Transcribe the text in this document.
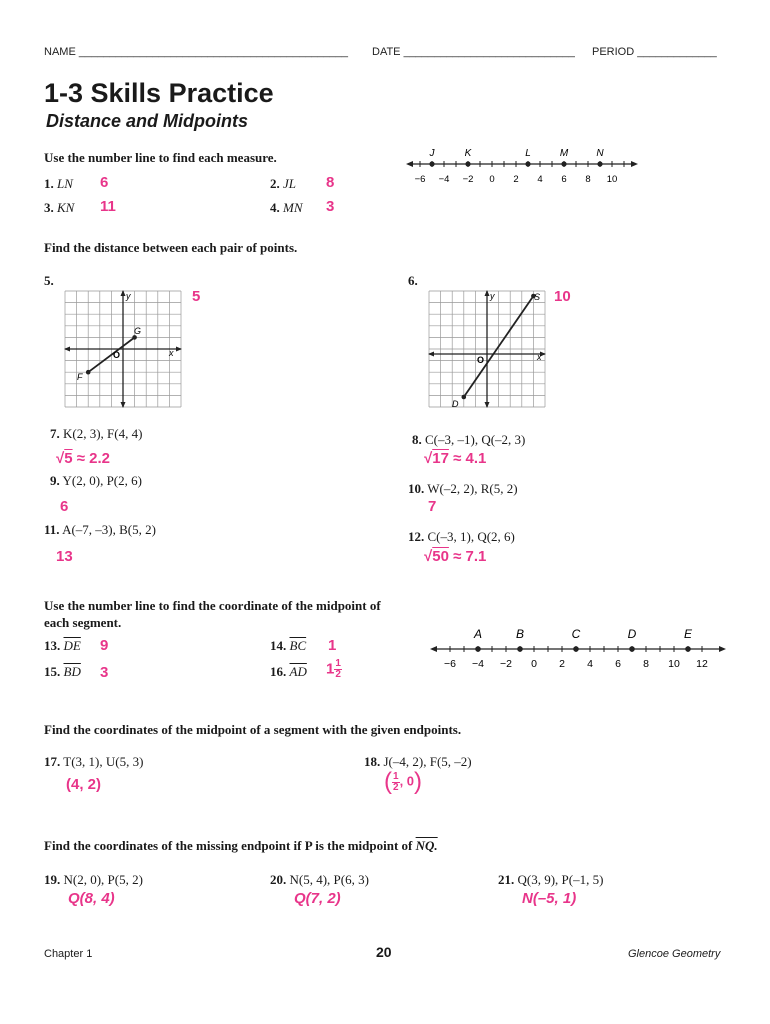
NAME ____________________________________________ DATE ____________________________ PERIOD _____________
1-3 Skills Practice
Distance and Midpoints
Use the number line to find each measure.
1. LN 6	2. JL 8
3. KN 11	4. MN 3
J	K	L	M	N
−6 −4 −2 0 2 4 6 8 10
Find the distance between each pair of points.
5.
5
6.
10
G
F
O	x
y	S
D
O	x
y
7. K(2, 3), F(4, 4)
√5 ≈ 2.2
8. C(–3, –1), Q(–2, 3)
√17 ≈ 4.1
9. Y(2, 0), P(2, 6)
6
10. W(–2, 2), R(5, 2)
7
11. A(–7, –3), B(5, 2)
13
12. C(–3, 1), Q(2, 6)
√50 ≈ 7.1
Use the number line to find the coordinate of the midpoint of
each segment.
13. $\overline{DE}$ 9	14. $\overline{BC}$ 1
15. $\overline{BD}$ 3	16. $\overline{AD}$ $1 \frac{1}{2}$
A	B	C	D	E
−6 −4 −2 0 2 4 6 8 10 12
Find the coordinates of the midpoint of a segment with the given endpoints.
17. T(3, 1), U(5, 3)
(4, 2)
18. J(–4, 2), F(5, –2)
( $\frac{1}{2}$ , 0)
Find the coordinates of the missing endpoint if P is the midpoint of NQ.
19. N(2, 0), P(5, 2)
Q(8, 4)
20. N(5, 4), P(6, 3)
Q(7, 2)
21. Q(3, 9), P(–1, 5)
N(–5, 1)
Chapter 1	20	Glencoe Geometry
